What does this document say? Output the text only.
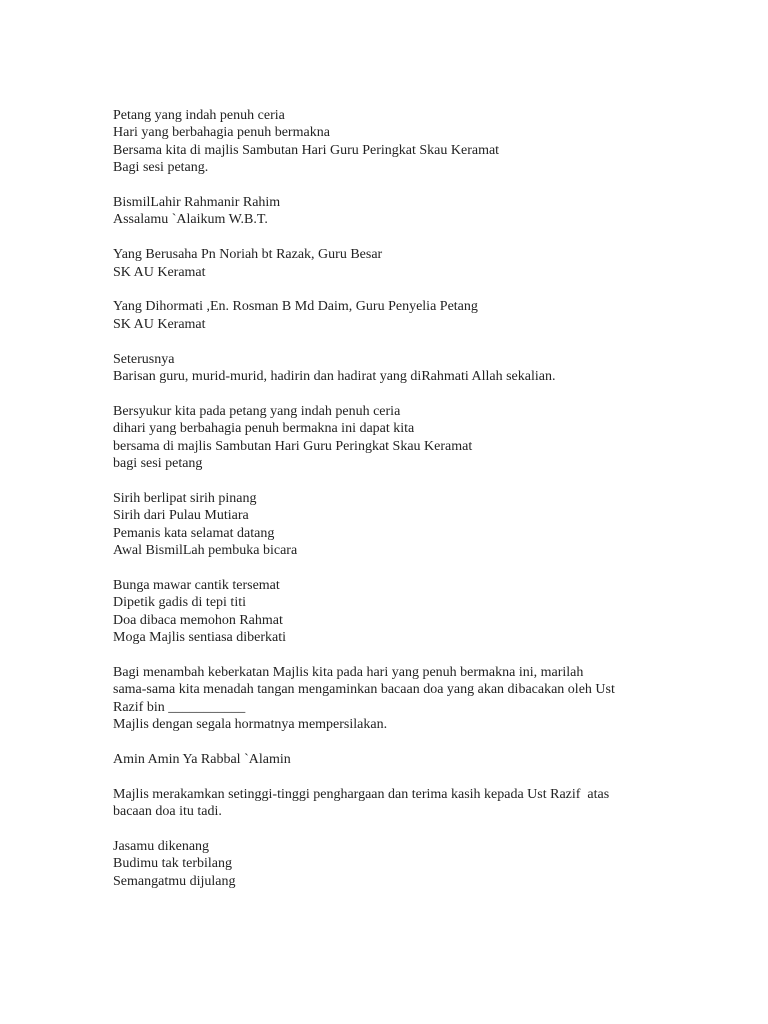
Petang yang indah penuh ceria
Hari yang berbahagia penuh bermakna
Bersama kita di majlis Sambutan Hari Guru Peringkat Skau Keramat
Bagi sesi petang.
BismilLahir Rahmanir Rahim
Assalamu `Alaikum W.B.T.
Yang Berusaha Pn Noriah bt Razak, Guru Besar
SK AU Keramat
Yang Dihormati ,En. Rosman B Md Daim, Guru Penyelia Petang
SK AU Keramat
Seterusnya
Barisan guru, murid-murid, hadirin dan hadirat yang diRahmati Allah sekalian.
Bersyukur kita pada petang yang indah penuh ceria
dihari yang berbahagia penuh bermakna ini dapat kita
bersama di majlis Sambutan Hari Guru Peringkat Skau Keramat
bagi sesi petang
Sirih berlipat sirih pinang
Sirih dari Pulau Mutiara
Pemanis kata selamat datang
Awal BismilLah pembuka bicara
Bunga mawar cantik tersemat
Dipetik gadis di tepi titi
Doa dibaca memohon Rahmat
Moga Majlis sentiasa diberkati
Bagi menambah keberkatan Majlis kita pada hari yang penuh bermakna ini, marilah
sama-sama kita menadah tangan mengaminkan bacaan doa yang akan dibacakan oleh Ust
Razif bin ___________
Majlis dengan segala hormatnya mempersilakan.
Amin Amin Ya Rabbal `Alamin
Majlis merakamkan setinggi-tinggi penghargaan dan terima kasih kepada Ust Razif  atas
bacaan doa itu tadi.
Jasamu dikenang
Budimu tak terbilang
Semangatmu dijulang
